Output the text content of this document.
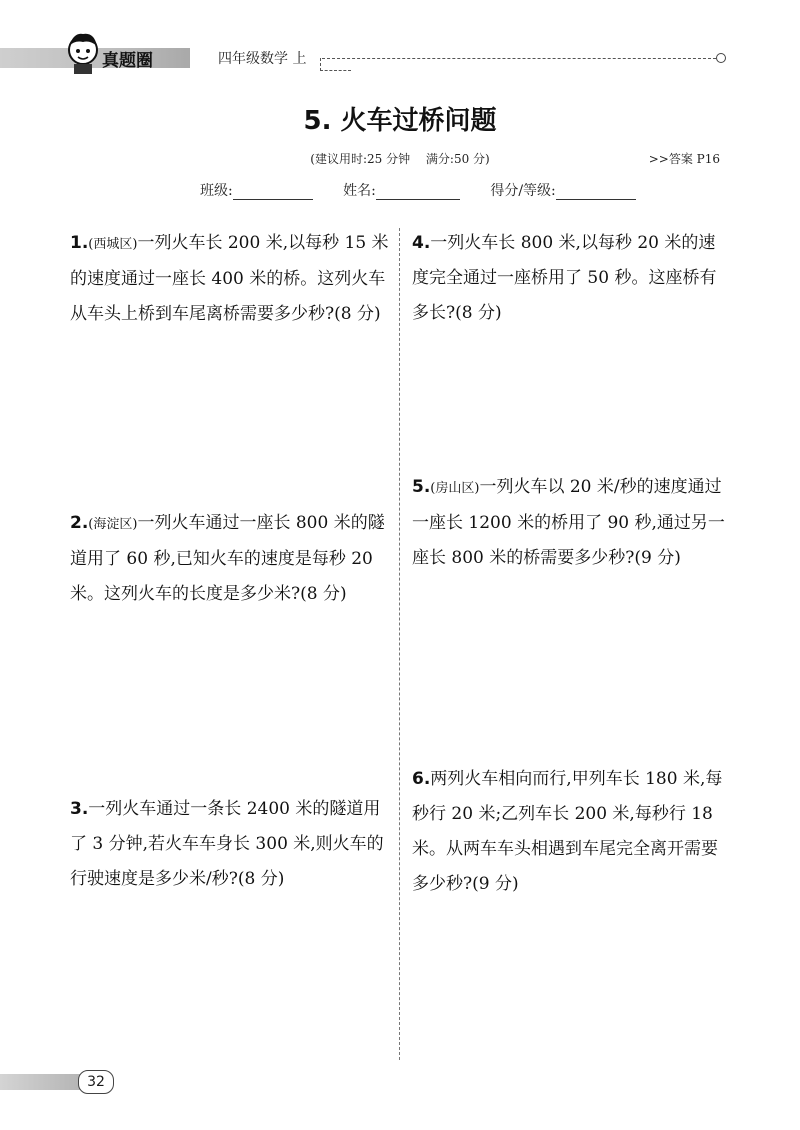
真题圈	四年级数学 上
5. 火车过桥问题
(建议用时:25 分钟 满分:50 分)	>>答案 P16
班级:	姓名:	得分/等级:
1.(西城区)一列火车长 200 米,以每秒 15 米的速度通过一座长 400 米的桥。这列火车从车头上桥到车尾离桥需要多少秒?(8 分)
2.(海淀区)一列火车通过一座长 800 米的隧道用了 60 秒,已知火车的速度是每秒 20 米。这列火车的长度是多少米?(8 分)
3.一列火车通过一条长 2400 米的隧道用了 3 分钟,若火车车身长 300 米,则火车的行驶速度是多少米/秒?(8 分)
4.一列火车长 800 米,以每秒 20 米的速度完全通过一座桥用了 50 秒。这座桥有多长?(8 分)
5.(房山区)一列火车以 20 米/秒的速度通过一座长 1200 米的桥用了 90 秒,通过另一座长 800 米的桥需要多少秒?(9 分)
6.两列火车相向而行,甲列车长 180 米,每秒行 20 米;乙列车长 200 米,每秒行 18 米。从两车车头相遇到车尾完全离开需要多少秒?(9 分)
32
